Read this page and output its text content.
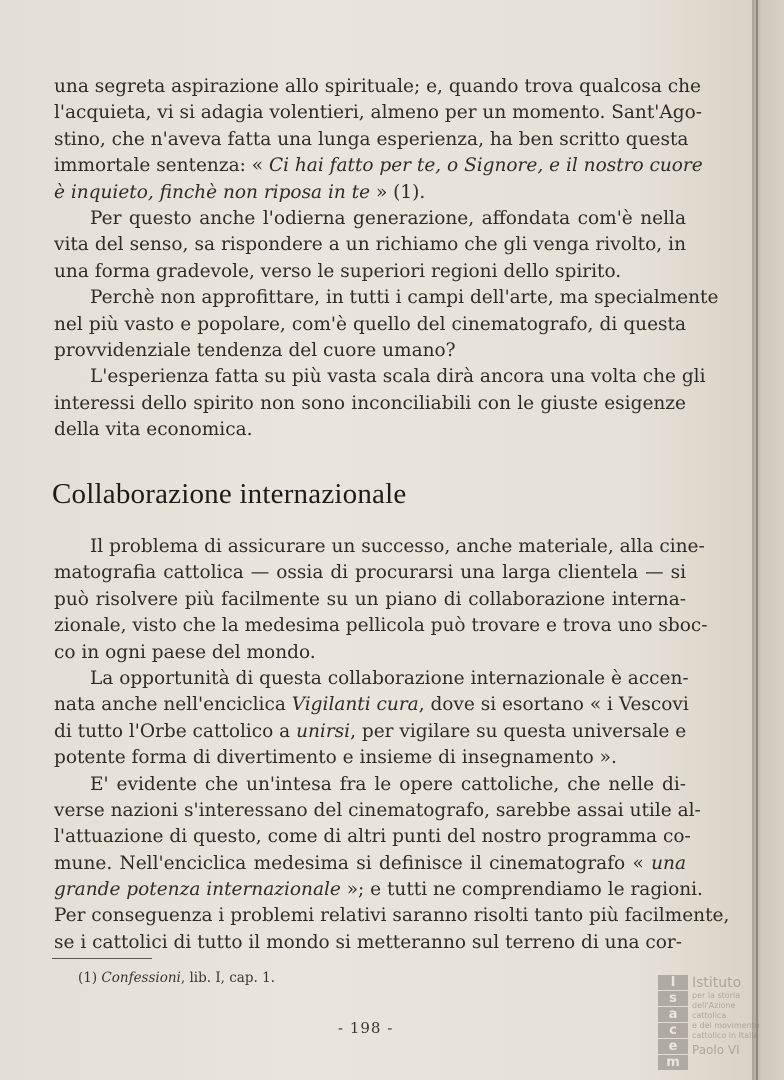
una segreta aspirazione allo spirituale; e, quando trova qualcosa che
l'acquieta, vi si adagia volentieri, almeno per un momento. Sant'Ago-
stino, che n'aveva fatta una lunga esperienza, ha ben scritto questa
immortale sentenza: « Ci hai fatto per te, o Signore, e il nostro cuore
è inquieto, finchè non riposa in te » (1).
Per questo anche l'odierna generazione, affondata com'è nella
vita del senso, sa rispondere a un richiamo che gli venga rivolto, in
una forma gradevole, verso le superiori regioni dello spirito.
Perchè non approfittare, in tutti i campi dell'arte, ma specialmente
nel più vasto e popolare, com'è quello del cinematografo, di questa
provvidenziale tendenza del cuore umano?
L'esperienza fatta su più vasta scala dirà ancora una volta che gli
interessi dello spirito non sono inconciliabili con le giuste esigenze
della vita economica.
Collaborazione internazionale
Il problema di assicurare un successo, anche materiale, alla cine-
matografia cattolica — ossia di procurarsi una larga clientela — si
può risolvere più facilmente su un piano di collaborazione interna-
zionale, visto che la medesima pellicola può trovare e trova uno sboc-
co in ogni paese del mondo.
La opportunità di questa collaborazione internazionale è accen-
nata anche nell'enciclica Vigilanti cura, dove si esortano « i Vescovi
di tutto l'Orbe cattolico a unirsi, per vigilare su questa universale e
potente forma di divertimento e insieme di insegnamento ».
E' evidente che un'intesa fra le opere cattoliche, che nelle di-
verse nazioni s'interessano del cinematografo, sarebbe assai utile al-
l'attuazione di questo, come di altri punti del nostro programma co-
mune. Nell'enciclica medesima si definisce il cinematografo « una
grande potenza internazionale »; e tutti ne comprendiamo le ragioni.
Per conseguenza i problemi relativi saranno risolti tanto più facilmente,
se i cattolici di tutto il mondo si metteranno sul terreno di una cor-
(1) Confessioni, lib. I, cap. 1.
- 198 -
I
s
a
c
e
m
Istituto
per la storia
dell'Azione cattolica
e del movimento
cattolico in Italia
Paolo VI
